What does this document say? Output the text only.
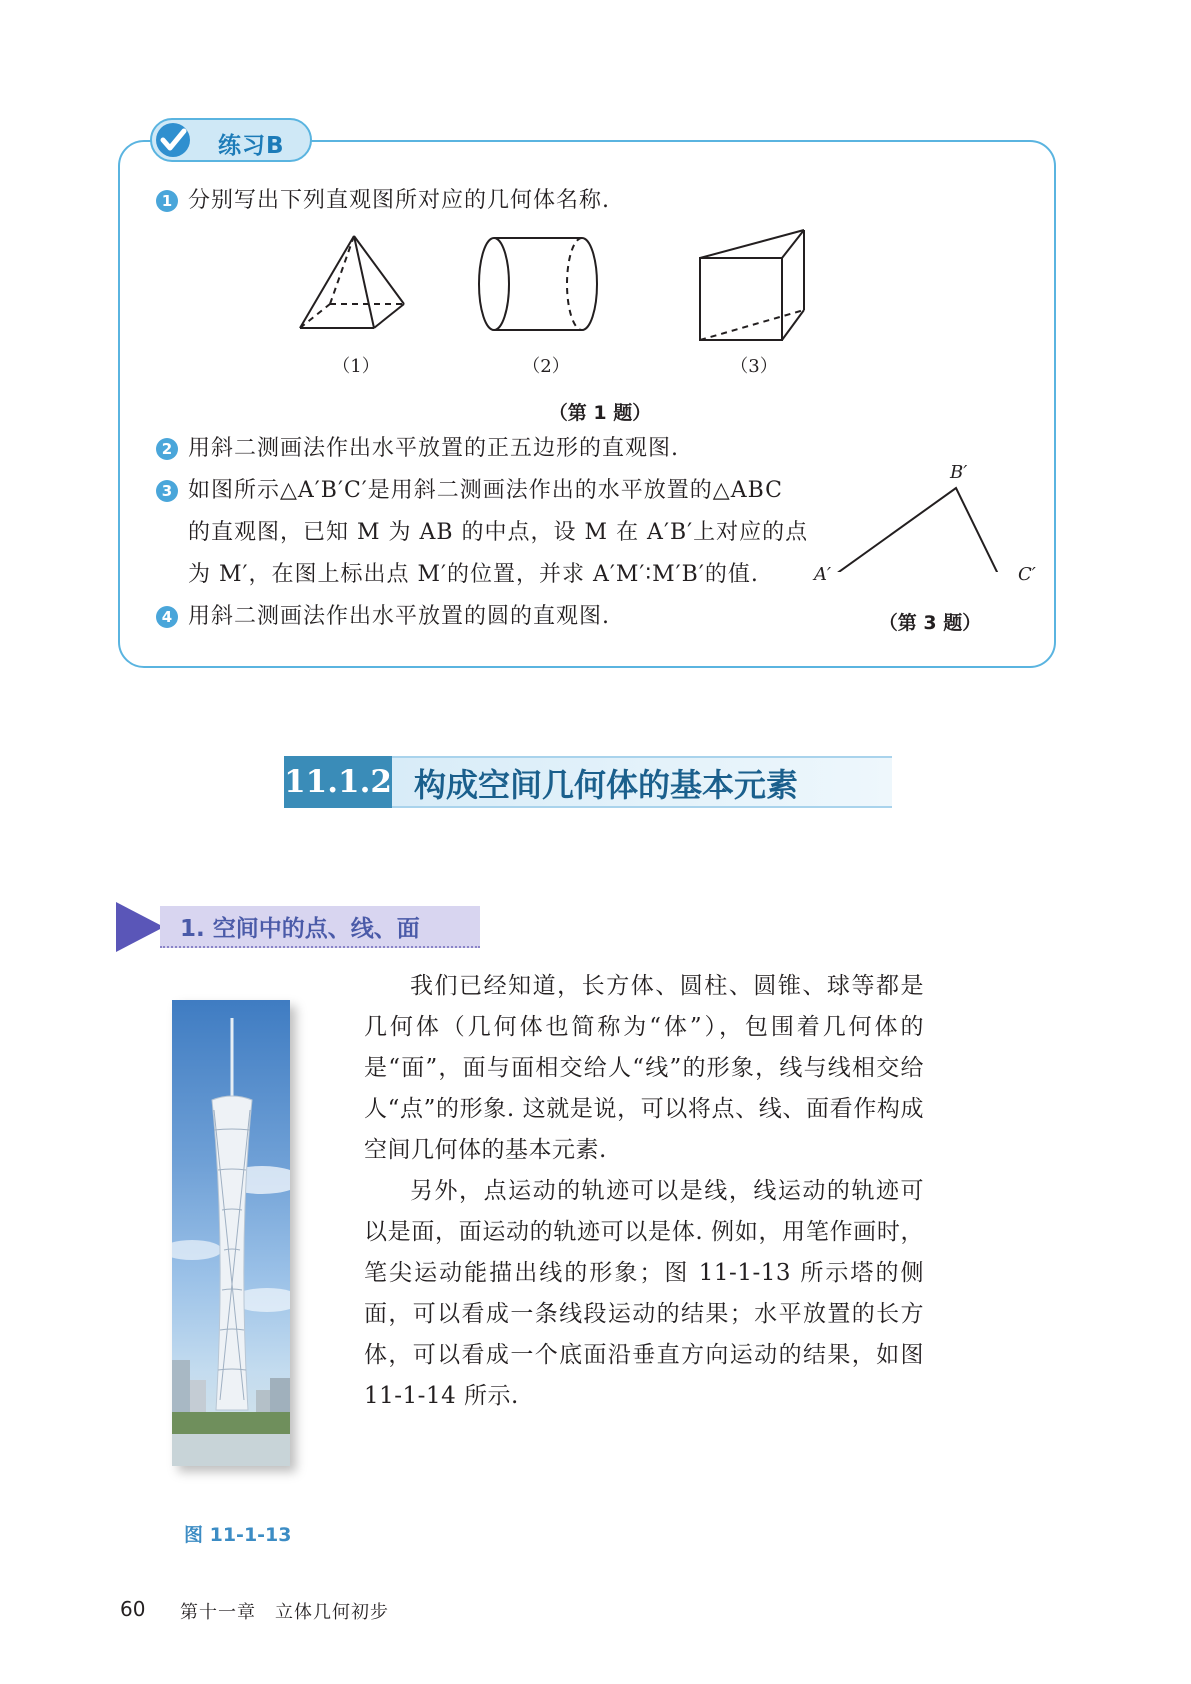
练习B
1 分别写出下列直观图所对应的几何体名称.
（1）	（2）	（3）
（第 1 题）
2 用斜二测画法作出水平放置的正五边形的直观图.
3 如图所示△A′B′C′是用斜二测画法作出的水平放置的△ABC
的直观图，已知 M 为 AB 的中点，设 M 在 A′B′上对应的点
为 M′，在图上标出点 M′的位置，并求 A′M′∶M′B′的值.
B′
A′	C′
（第 3 题）
4 用斜二测画法作出水平放置的圆的直观图.
11.1.2 构成空间几何体的基本元素
1. 空间中的点、线、面
图 11-1-13

我们已经知道，长方体、圆柱、圆锥、球等都是几何体（几何体也简称为“体”），包围着几何体的是“面”，面与面相交给人“线”的形象，线与线相交给人“点”的形象. 这就是说，可以将点、线、面看作构成空间几何体的基本元素.

另外，点运动的轨迹可以是线，线运动的轨迹可以是面，面运动的轨迹可以是体. 例如，用笔作画时，笔尖运动能描出线的形象；图 11-1-13 所示塔的侧面，可以看成一条线段运动的结果；水平放置的长方体，可以看成一个底面沿垂直方向运动的结果，如图 11-1-14 所示.

60 第十一章　立体几何初步
